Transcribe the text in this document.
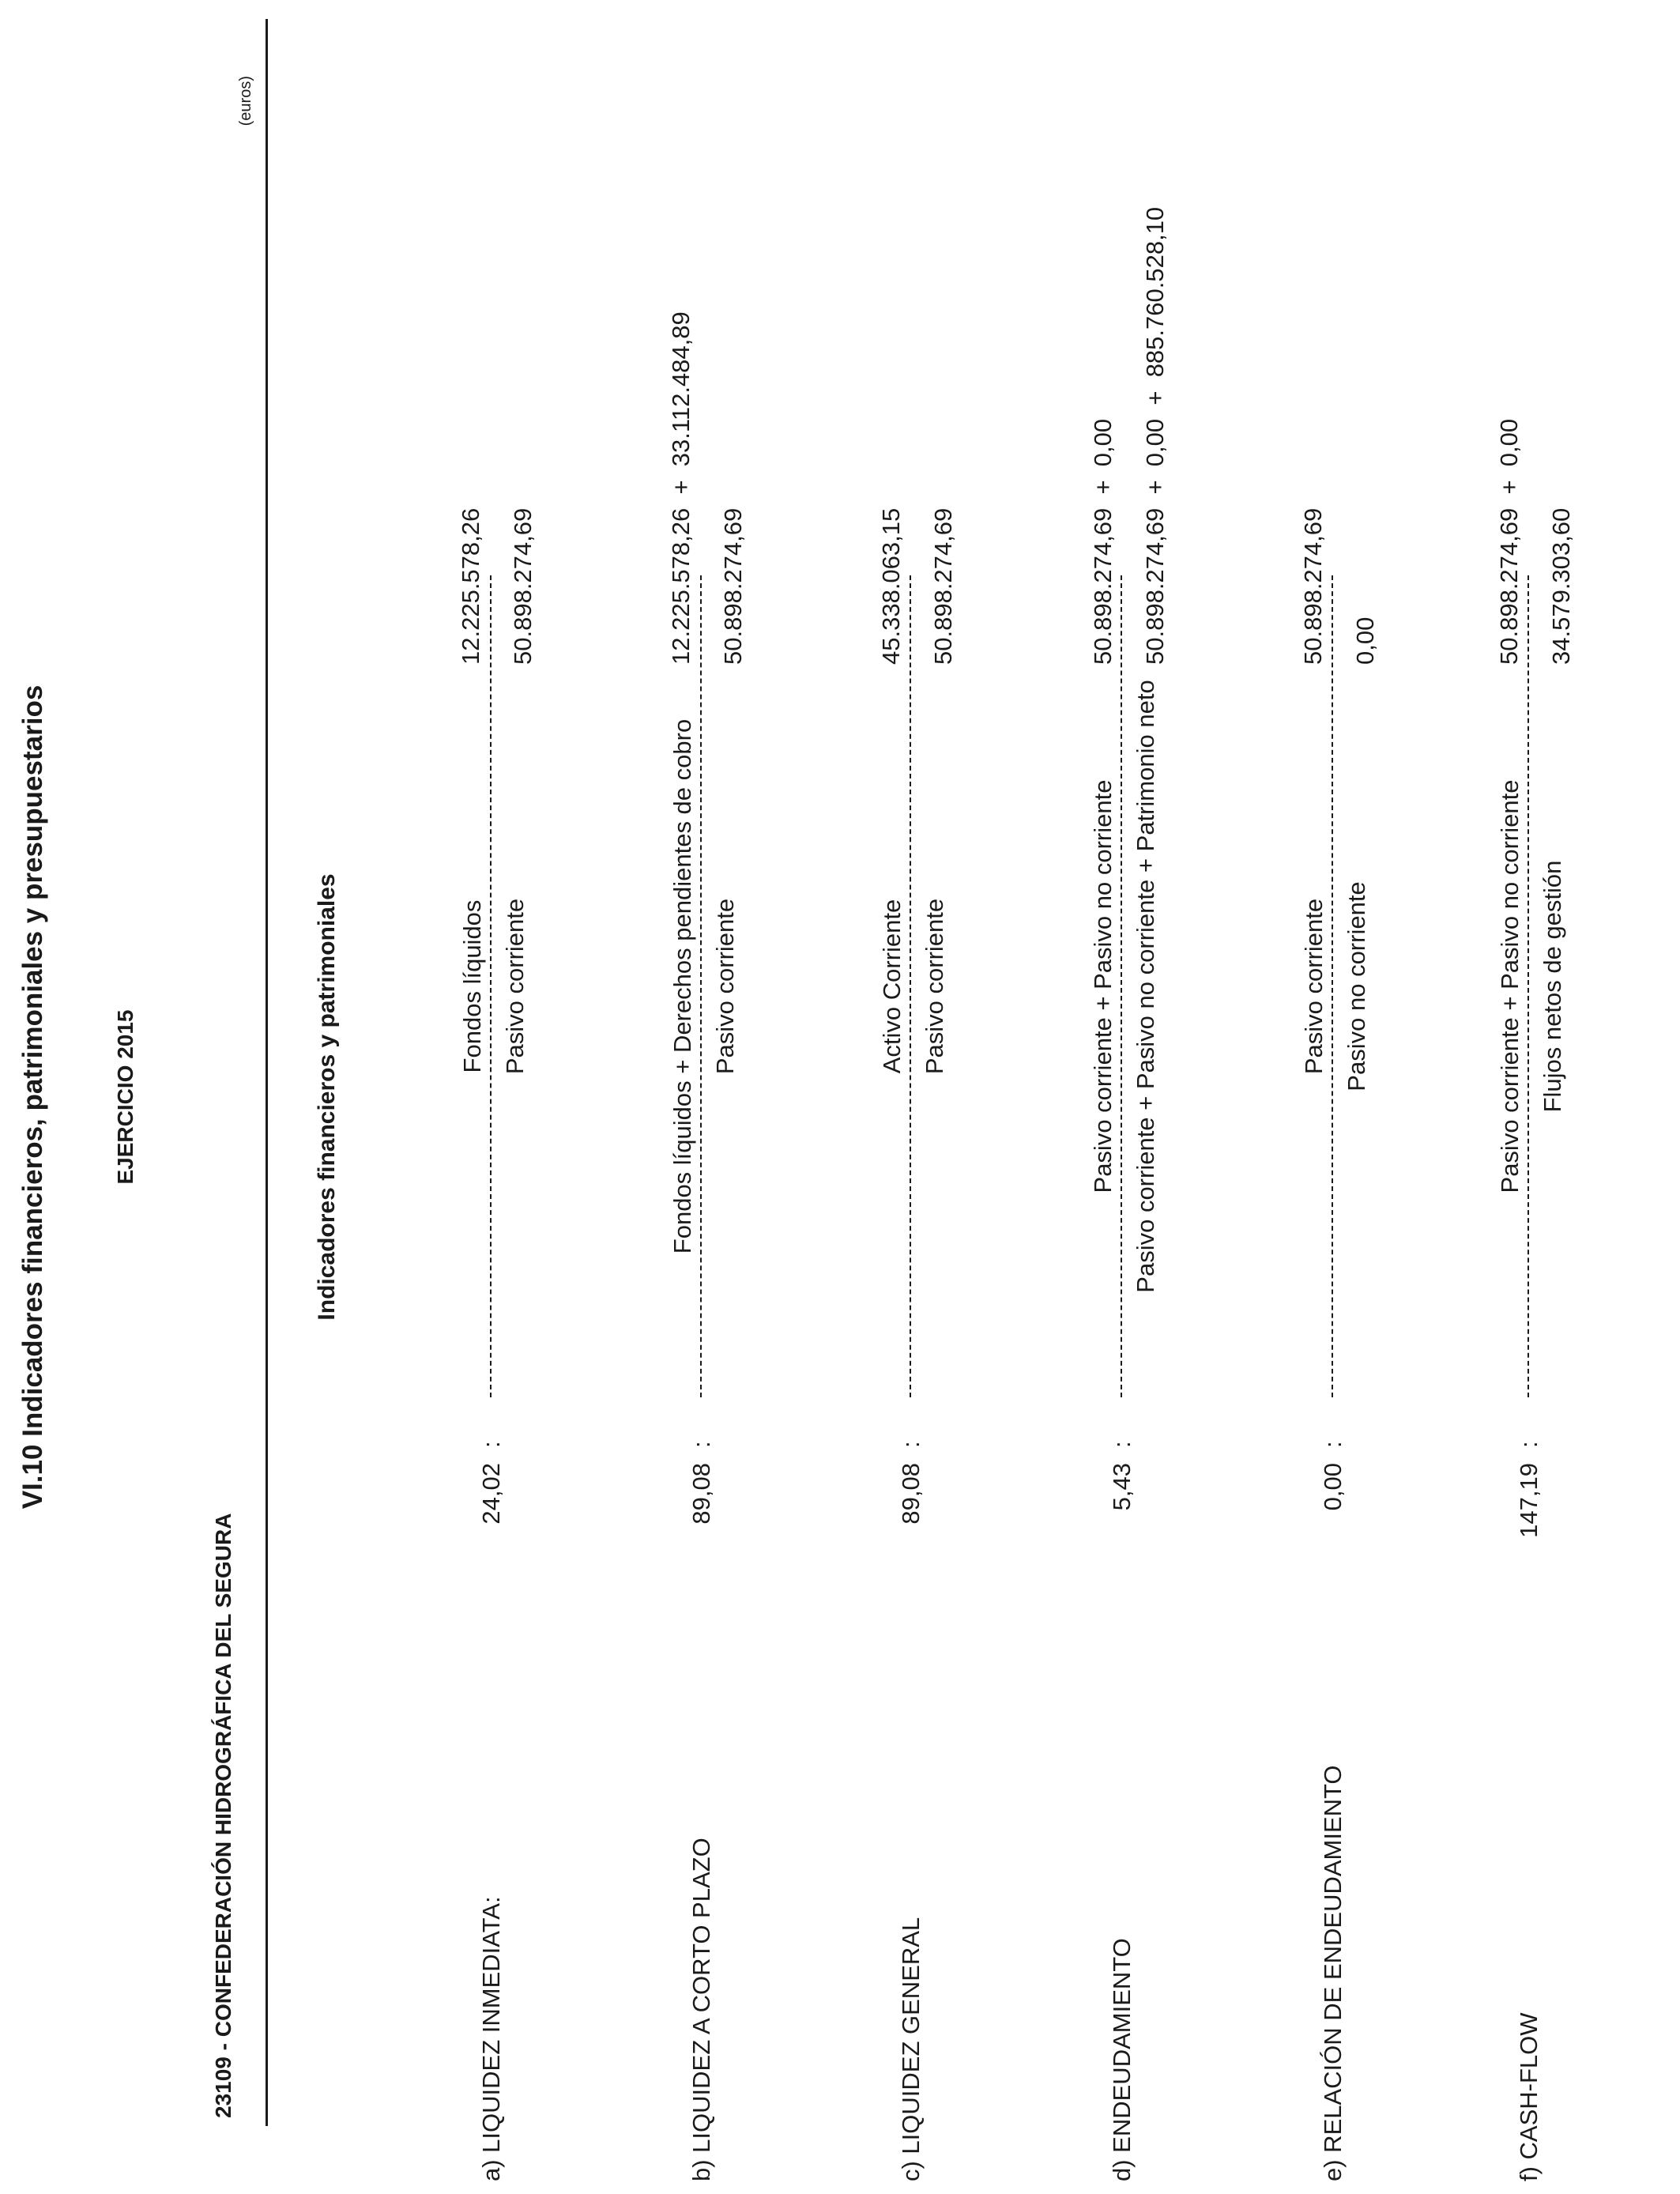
VI.10 Indicadores financieros, patrimoniales y presupuestarios	EJERCICIO 2015
23109 - CONFEDERACIÓN HIDROGRÁFICA DEL SEGURA
(euros)
Indicadores financieros y patrimoniales
a) LIQUIDEZ INMEDIATA:
24,02
:
Fondos líquidos Pasivo corriente
12.225.578,26 50.898.274,69
b) LIQUIDEZ A CORTO PLAZO
89,08
:
Fondos líquidos + Derechos pendientes de cobro Pasivo corriente
12.225.578,26  +  33.112.484,89 50.898.274,69
c) LIQUIDEZ GENERAL
89,08
:
Activo Corriente Pasivo corriente
45.338.063,15 50.898.274,69
d) ENDEUDAMIENTO
5,43
:
Pasivo corriente + Pasivo no corriente Pasivo corriente + Pasivo no corriente + Patrimonio neto
50.898.274,69  +  0,00 50.898.274,69  +  0,00  +  885.760.528,10
e) RELACIÓN DE ENDEUDAMIENTO
0,00
:
Pasivo corriente Pasivo no corriente
50.898.274,69 0,00
f) CASH-FLOW
147,19
:
Pasivo corriente + Pasivo no corriente Flujos netos de gestión
50.898.274,69  +  0,00 34.579.303,60
